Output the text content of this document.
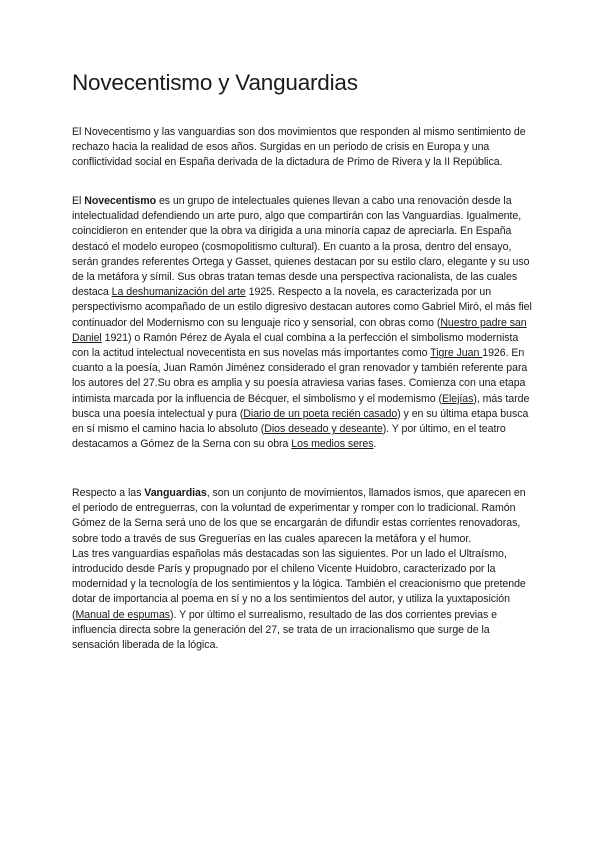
Novecentismo y Vanguardias

El Novecentismo y las vanguardias son dos movimientos que responden al mismo sentimiento de rechazo hacia la realidad de esos años. Surgidas en un periodo de crisis en Europa y una conflictividad social en España derivada de la dictadura de Primo de Rivera y la II República.

El Novecentismo es un grupo de intelectuales quienes llevan a cabo una renovación desde la intelectualidad defendiendo un arte puro, algo que compartirán con las Vanguardias. Igualmente, coincidieron en entender que la obra va dirigida a una minoría capaz de apreciarla. En España destacó el modelo europeo (cosmopolitismo cultural). En cuanto a la prosa, dentro del ensayo, serán grandes referentes Ortega y Gasset, quienes destacan por su estilo claro, elegante y su uso de la metáfora y símil. Sus obras tratan temas desde una perspectiva racionalista, de las cuales destaca La deshumanización del arte 1925. Respecto a la novela, es caracterizada por un perspectivismo acompañado de un estilo digresivo destacan autores como Gabriel Miró, el más fiel continuador del Modernismo con su lenguaje rico y sensorial, con obras como (Nuestro padre san Daniel 1921) o Ramón Pérez de Ayala el cual combina a la perfección el simbolismo modernista con la actitud intelectual novecentista en sus novelas más importantes como Tigre Juan 1926. En cuanto a la poesía, Juan Ramón Jiménez considerado el gran renovador y también referente para los autores del 27.Su obra es amplia y su poesía atraviesa varias fases. Comienza con una etapa intimista marcada por la influencia de Bécquer, el simbolismo y el modernismo (Elejías), más tarde busca una poesía intelectual y pura (Diario de un poeta recién casado) y en su última etapa busca en sí mismo el camino hacia lo absoluto (Dios deseado y deseante). Y por último, en el teatro destacamos a Gómez de la Serna con su obra Los medios seres.

Respecto a las Vanguardias, son un conjunto de movimientos, llamados ismos, que aparecen en el periodo de entreguerras, con la voluntad de experimentar y romper con lo tradicional. Ramón Gómez de la Serna será uno de los que se encargarán de difundir estas corrientes renovadoras, sobre todo a través de sus Greguerías en las cuales aparecen la metáfora y el humor.

Las tres vanguardias españolas más destacadas son las siguientes. Por un lado el Ultraísmo, introducido desde París y propugnado por el chileno Vicente Huidobro, caracterizado por la modernidad y la tecnología de los sentimientos y la lógica. También el creacionismo que pretende dotar de importancia al poema en sí y no a los sentimientos del autor, y utiliza la yuxtaposición (Manual de espumas). Y por último el surrealismo, resultado de las dos corrientes previas e influencia directa sobre la generación del 27, se trata de un irracionalismo que surge de la sensación liberada de la lógica.
